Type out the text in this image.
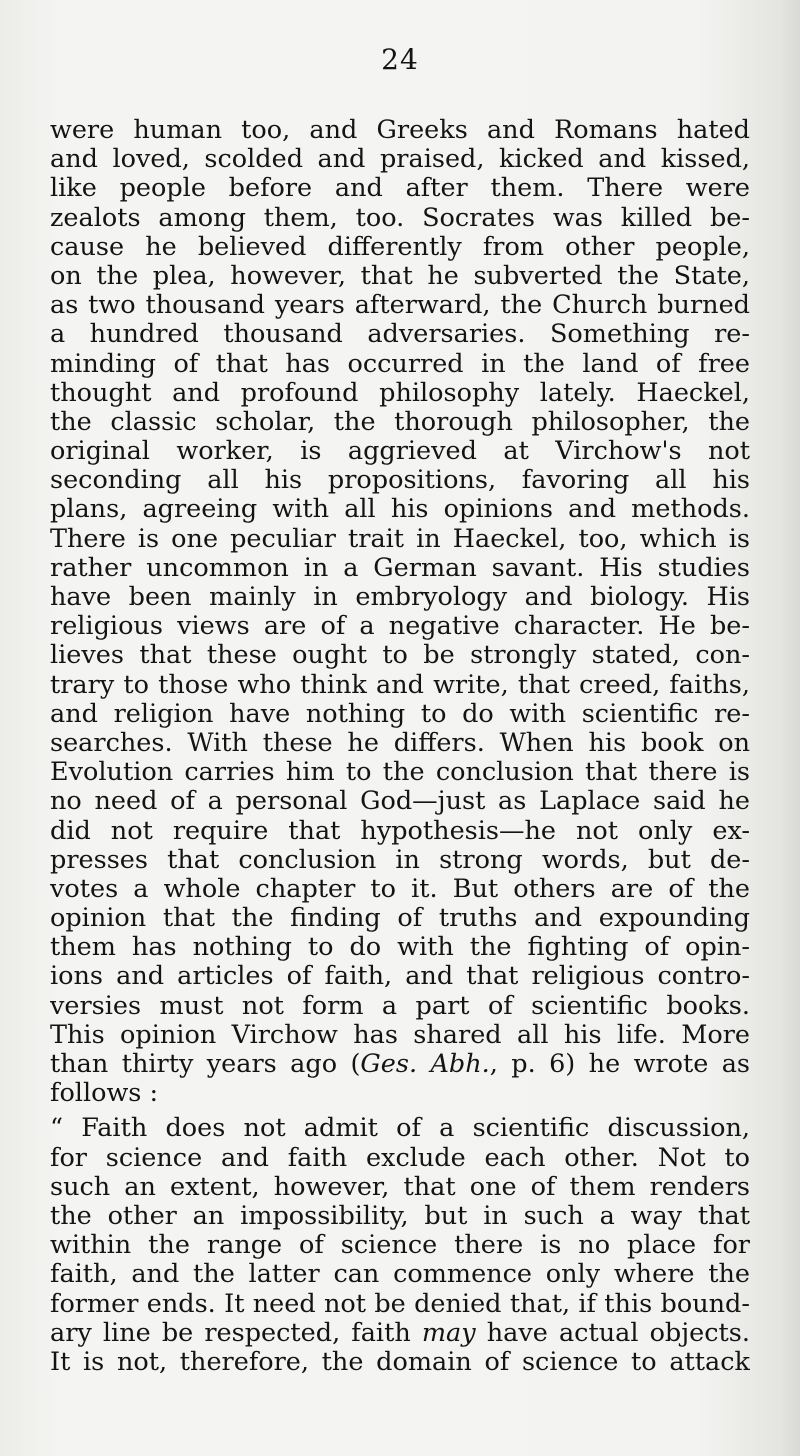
24
were human too, and Greeks and Romans hated
and loved, scolded and praised, kicked and kissed,
like people before and after them. There were
zealots among them, too. Socrates was killed be-
cause he believed differently from other people,
on the plea, however, that he subverted the State,
as two thousand years afterward, the Church burned
a hundred thousand adversaries. Something re-
minding of that has occurred in the land of free
thought and profound philosophy lately. Haeckel,
the classic scholar, the thorough philosopher, the
original worker, is aggrieved at Virchow's not
seconding all his propositions, favoring all his
plans, agreeing with all his opinions and methods.
There is one peculiar trait in Haeckel, too, which is
rather uncommon in a German savant. His studies
have been mainly in embryology and biology. His
religious views are of a negative character. He be-
lieves that these ought to be strongly stated, con-
trary to those who think and write, that creed, faiths,
and religion have nothing to do with scientific re-
searches. With these he differs. When his book on
Evolution carries him to the conclusion that there is
no need of a personal God—just as Laplace said he
did not require that hypothesis—he not only ex-
presses that conclusion in strong words, but de-
votes a whole chapter to it. But others are of the
opinion that the finding of truths and expounding
them has nothing to do with the fighting of opin-
ions and articles of faith, and that religious contro-
versies must not form a part of scientific books.
This opinion Virchow has shared all his life. More
than thirty years ago (Ges. Abh., p. 6) he wrote as
follows :
“ Faith does not admit of a scientific discussion,
for science and faith exclude each other. Not to
such an extent, however, that one of them renders
the other an impossibility, but in such a way that
within the range of science there is no place for
faith, and the latter can commence only where the
former ends. It need not be denied that, if this bound-
ary line be respected, faith may have actual objects.
It is not, therefore, the domain of science to attack
